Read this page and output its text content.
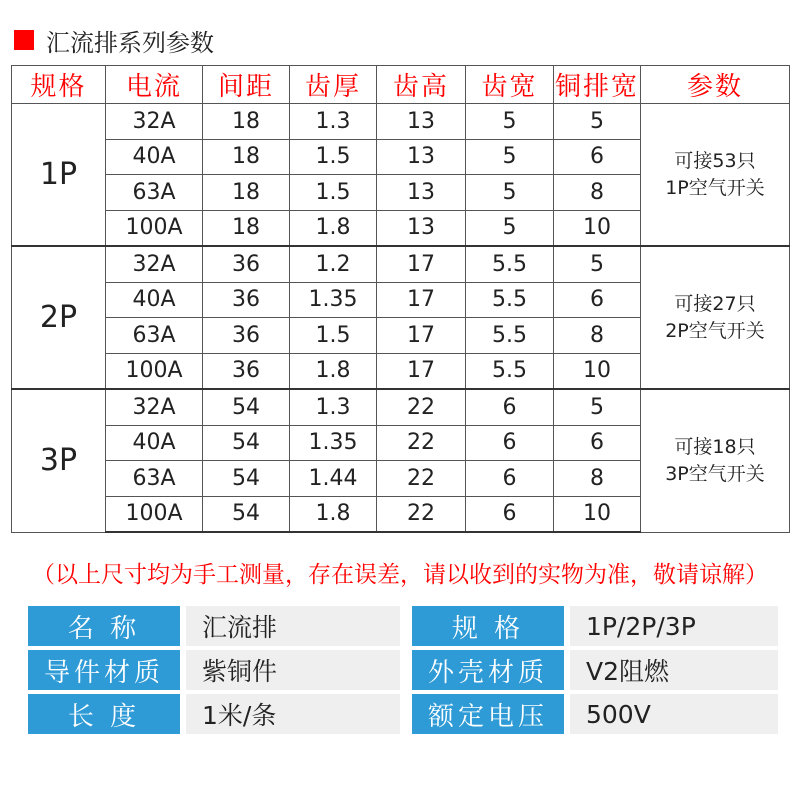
汇流排系列参数
规格	电流	间距	齿厚	齿高	齿宽	铜排宽	参数
1P	32A	18	1.3	13	5	5	可接53只
1P空气开关

	40A	18	1.5	13	5	6	
	63A	18	1.5	13	5	8	
	100A	18	1.8	13	5	10	
2P	32A	36	1.2	17	5.5	5	可接27只
2P空气开关

	40A	36	1.35	17	5.5	6	
	63A	36	1.5	17	5.5	8	
	100A	36	1.8	17	5.5	10	
3P	32A	54	1.3	22	6	5	可接18只
3P空气开关

	40A	54	1.35	22	6	6	
	63A	54	1.44	22	6	8	
	100A	54	1.8	22	6	10	
（以上尺寸均为手工测量，存在误差，请以收到的实物为准，敬请谅解）
名 称	汇流排	规 格	1P/2P/3P
导件材质	紫铜件	外壳材质	V2阻燃
长 度	1米/条	额定电压	500V
